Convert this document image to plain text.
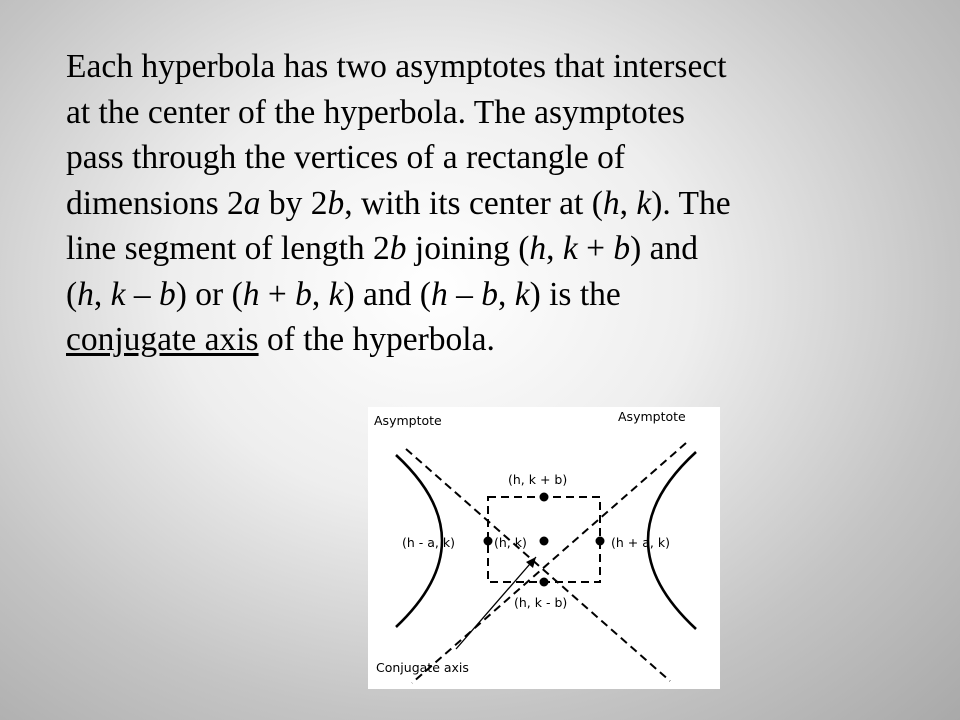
Each hyperbola has two asymptotes that intersect
at the center of the hyperbola. The asymptotes
pass through the vertices of a rectangle of
dimensions 2a by 2b, with its center at (h, k). The
line segment of length 2b joining (h, k + b) and
(h, k – b) or (h + b, k) and (h – b, k) is the
conjugate axis of the hyperbola.

Asymptote	Asymptote
(h, k + b)
(h - a, k)	(h, k)	(h + a, k)
(h, k - b)
Conjugate axis
